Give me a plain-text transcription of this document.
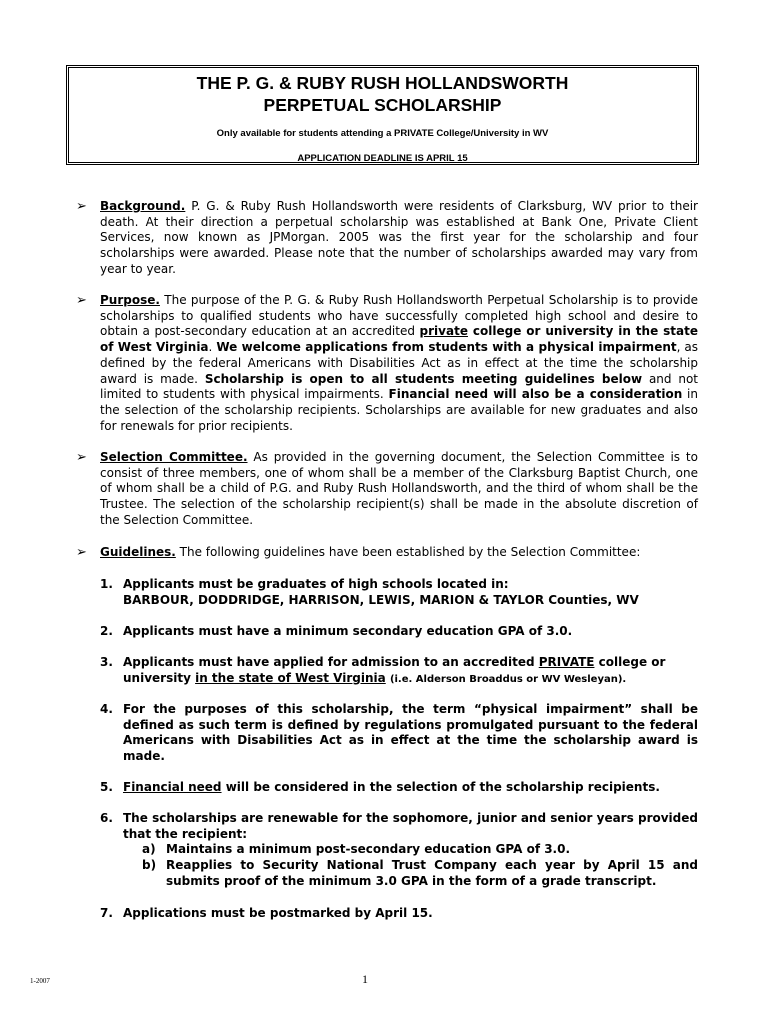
THE P. G. & RUBY RUSH HOLLANDSWORTH
PERPETUAL SCHOLARSHIP
Only available for students attending a PRIVATE College/University in WV
APPLICATION DEADLINE IS APRIL 15
➢ Background. P. G. & Ruby Rush Hollandsworth were residents of Clarksburg, WV prior to their death. At their direction a perpetual scholarship was established at Bank One, Private Client Services, now known as JPMorgan. 2005 was the first year for the scholarship and four scholarships were awarded. Please note that the number of scholarships awarded may vary from year to year.
➢ Purpose. The purpose of the P. G. & Ruby Rush Hollandsworth Perpetual Scholarship is to provide scholarships to qualified students who have successfully completed high school and desire to obtain a post-secondary education at an accredited private college or university in the state of West Virginia. We welcome applications from students with a physical impairment, as defined by the federal Americans with Disabilities Act as in effect at the time the scholarship award is made. Scholarship is open to all students meeting guidelines below and not limited to students with physical impairments. Financial need will also be a consideration in the selection of the scholarship recipients. Scholarships are available for new graduates and also for renewals for prior recipients.
➢ Selection Committee. As provided in the governing document, the Selection Committee is to consist of three members, one of whom shall be a member of the Clarksburg Baptist Church, one of whom shall be a child of P.G. and Ruby Rush Hollandsworth, and the third of whom shall be the Trustee. The selection of the scholarship recipient(s) shall be made in the absolute discretion of the Selection Committee.
➢ Guidelines. The following guidelines have been established by the Selection Committee:
1. Applicants must be graduates of high schools located in:
BARBOUR, DODDRIDGE, HARRISON, LEWIS, MARION & TAYLOR Counties, WV
2. Applicants must have a minimum secondary education GPA of 3.0.
3. Applicants must have applied for admission to an accredited PRIVATE college or university in the state of West Virginia (i.e. Alderson Broaddus or WV Wesleyan).
4. For the purposes of this scholarship, the term “physical impairment” shall be defined as such term is defined by regulations promulgated pursuant to the federal Americans with Disabilities Act as in effect at the time the scholarship award is made.
5. Financial need will be considered in the selection of the scholarship recipients.
6. The scholarships are renewable for the sophomore, junior and senior years provided that the recipient:
a) Maintains a minimum post-secondary education GPA of 3.0.
b) Reapplies to Security National Trust Company each year by April 15 and submits proof of the minimum 3.0 GPA in the form of a grade transcript.
7. Applications must be postmarked by April 15.
1-2007	1
